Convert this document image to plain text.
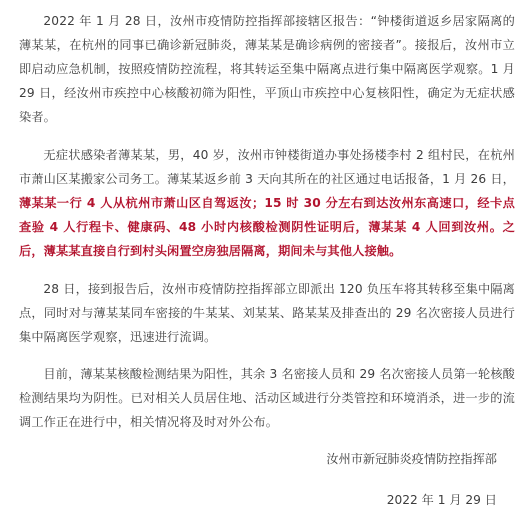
2022 年 1 月 28 日，汝州市疫情防控指挥部接辖区报告：“钟楼街道返乡居家隔离的薄某某，在杭州的同事已确诊新冠肺炎，薄某某是确诊病例的密接者”。接报后，汝州市立即启动应急机制，按照疫情防控流程，将其转运至集中隔离点进行集中隔离医学观察。1 月 29 日，经汝州市疾控中心核酸初筛为阳性，平顶山市疾控中心复核阳性，确定为无症状感染者。

无症状感染者薄某某，男，40 岁，汝州市钟楼街道办事处扬楼李村 2 组村民，在杭州市萧山区某搬家公司务工。薄某某返乡前 3 天向其所在的社区通过电话报备，1 月 26 日，薄某某一行 4 人从杭州市萧山区自驾返汝；15 时 30 分左右到达汝州东高速口，经卡点查验 4 人行程卡、健康码、48 小时内核酸检测阴性证明后，薄某某 4 人回到汝州。之后，薄某某直接自行到村头闲置空房独居隔离，期间未与其他人接触。

28 日，接到报告后，汝州市疫情防控指挥部立即派出 120 负压车将其转移至集中隔离点，同时对与薄某某同车密接的牛某某、刘某某、路某某及排查出的 29 名次密接人员进行集中隔离医学观察，迅速进行流调。

目前，薄某某核酸检测结果为阳性，其余 3 名密接人员和 29 名次密接人员第一轮核酸检测结果均为阴性。已对相关人员居住地、活动区域进行分类管控和环境消杀，进一步的流调工作正在进行中，相关情况将及时对外公布。

汝州市新冠肺炎疫情防控指挥部

2022 年 1 月 29 日
